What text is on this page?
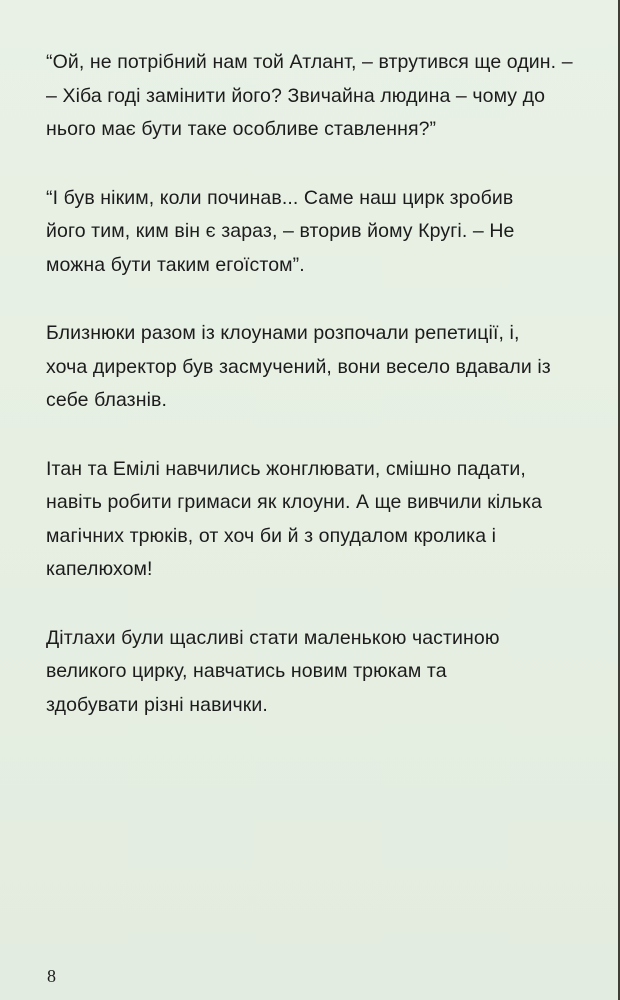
“Ой, не потрібний нам той Атлант, – втрутився ще один. –
– Хіба годі замінити його? Звичайна людина – чому до
нього має бути таке особливе ставлення?”

“І був ніким, коли починав... Саме наш цирк зробив
його тим, ким він є зараз, – вторив йому Кругі. – Не
можна бути таким егоїстом”.

Близнюки разом із клоунами розпочали репетиції, і,
хоча директор був засмучений, вони весело вдавали із
себе блазнів.

Ітан та Емілі навчились жонглювати, смішно падати,
навіть робити гримаси як клоуни. А ще вивчили кілька
магічних трюків, от хоч би й з опудалом кролика і
капелюхом!

Дітлахи були щасливі стати маленькою частиною
великого цирку, навчатись новим трюкам та
здобувати різні навички.

8
